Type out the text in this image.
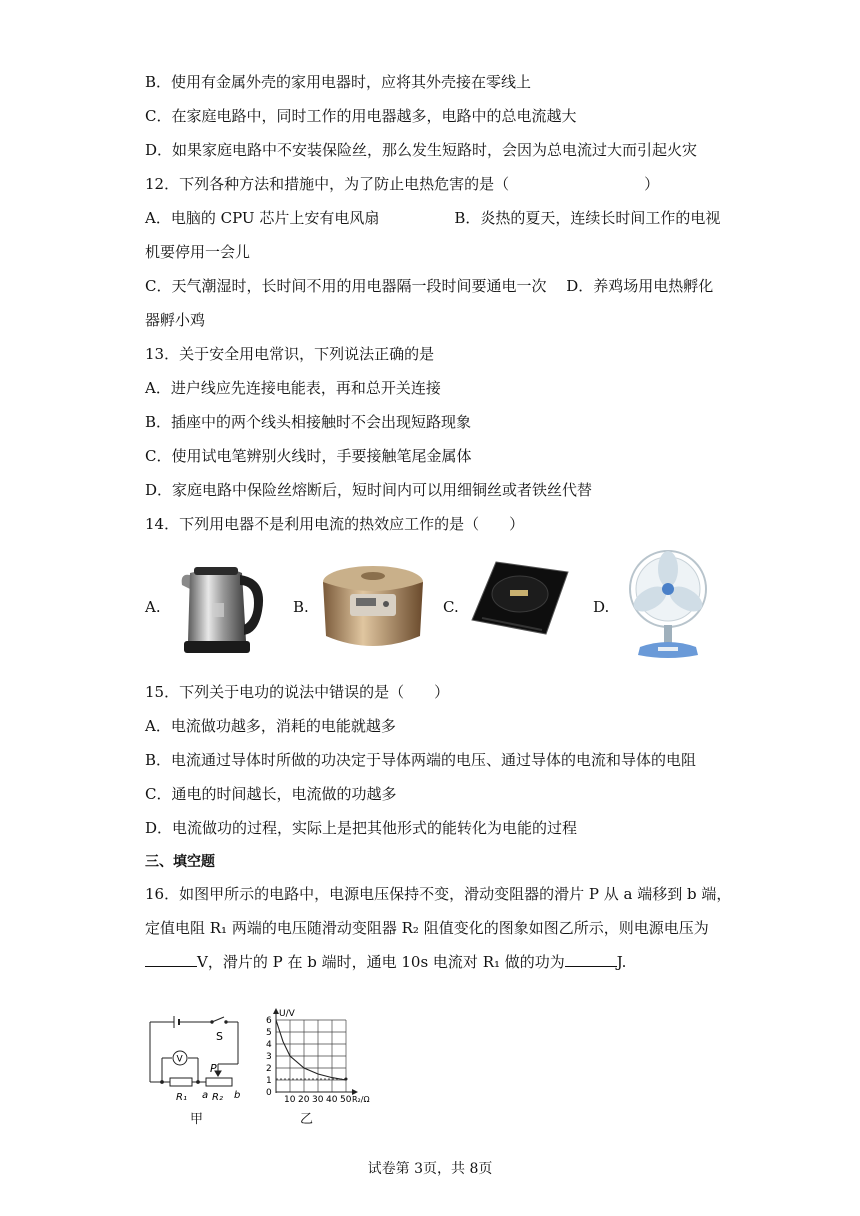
B．使用有金属外壳的家用电器时，应将其外壳接在零线上
C．在家庭电路中，同时工作的用电器越多，电路中的总电流越大
D．如果家庭电路中不安装保险丝，那么发生短路时，会因为总电流过大而引起火灾
12．下列各种方法和措施中，为了防止电热危害的是（　　　　　　　　　）
A．电脑的 CPU 芯片上安有电风扇　　　　　B．炎热的夏天，连续长时间工作的电视
机要停用一会儿
C．天气潮湿时，长时间不用的用电器隔一段时间要通电一次　 D．养鸡场用电热孵化
器孵小鸡
13．关于安全用电常识，下列说法正确的是
A．进户线应先连接电能表，再和总开关连接
B．插座中的两个线头相接触时不会出现短路现象
C．使用试电笔辨别火线时，手要接触笔尾金属体
D．家庭电路中保险丝熔断后，短时间内可以用细铜丝或者铁丝代替
14．下列用电器不是利用电流的热效应工作的是（　　）
A.	B.	C.	D.
15．下列关于电功的说法中错误的是（　　）
A．电流做功越多，消耗的电能就越多
B．电流通过导体时所做的功决定于导体两端的电压、通过导体的电流和导体的电阻
C．通电的时间越长，电流做的功越多
D．电流做功的过程，实际上是把其他形式的能转化为电能的过程
三、填空题
16．如图甲所示的电路中，电源电压保持不变，滑动变阻器的滑片 P 从 a 端移到 b 端，
定值电阻 R₁ 两端的电压随滑动变阻器 R₂ 阻值变化的图象如图乙所示，则电源电压为
V，滑片的 P 在 b 端时，通电 10s 电流对 R₁ 做的功为	J.
S
V
P
R₁ a R₂ b
甲
U/V
0
1
2
3
4
5
6
10 20 30 40 50 R₂/Ω
乙
试卷第 3页，共 8页
